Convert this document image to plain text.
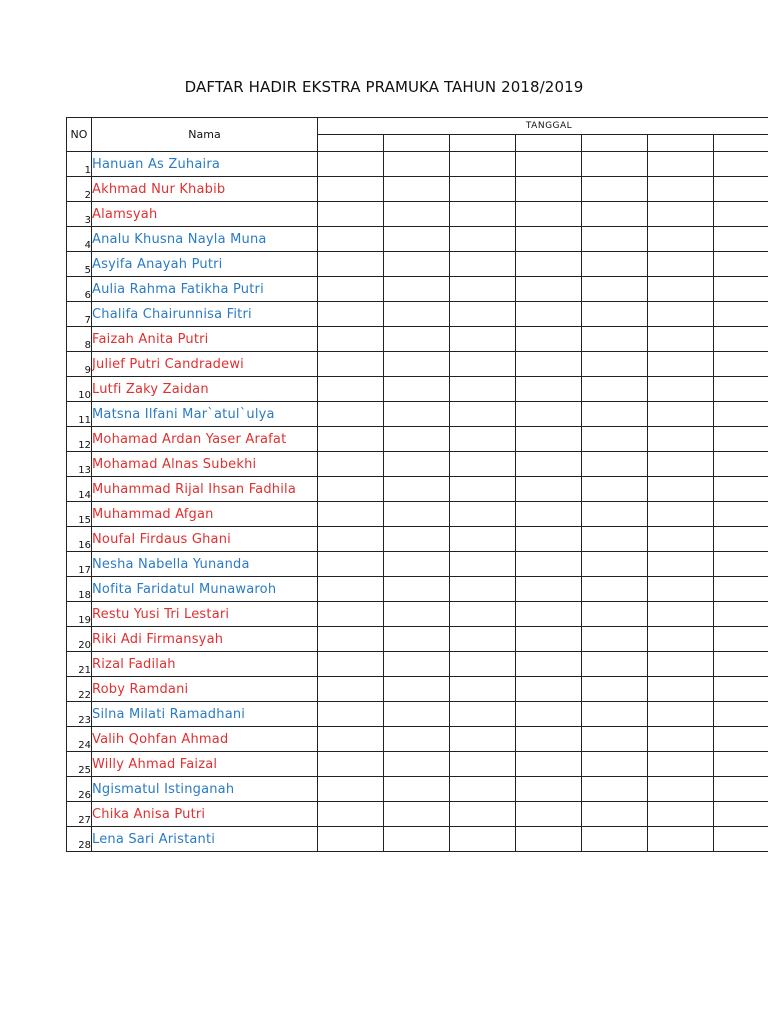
DAFTAR HADIR EKSTRA PRAMUKA TAHUN 2018/2019
NO	Nama	TANGGAL						

1	Hanuan As Zuhaira							
2	Akhmad Nur Khabib							
3	Alamsyah							
4	Analu Khusna Nayla Muna							
5	Asyifa Anayah Putri							
6	Aulia Rahma Fatikha Putri							
7	Chalifa Chairunnisa Fitri							
8	Faizah Anita Putri							
9	Julief Putri Candradewi							
10	Lutfi Zaky Zaidan							
11	Matsna Ilfani Mar`atul`ulya							
12	Mohamad Ardan Yaser Arafat							
13	Mohamad Alnas Subekhi							
14	Muhammad Rijal Ihsan Fadhila							
15	Muhammad Afgan							
16	Noufal Firdaus Ghani							
17	Nesha Nabella Yunanda							
18	Nofita Faridatul Munawaroh							
19	Restu Yusi Tri Lestari							
20	Riki Adi Firmansyah							
21	Rizal Fadilah							
22	Roby Ramdani							
23	Silna Milati Ramadhani							
24	Valih Qohfan Ahmad							
25	Willy Ahmad Faizal							
26	Ngismatul Istinganah							
27	Chika Anisa Putri							
28	Lena Sari Aristanti							
